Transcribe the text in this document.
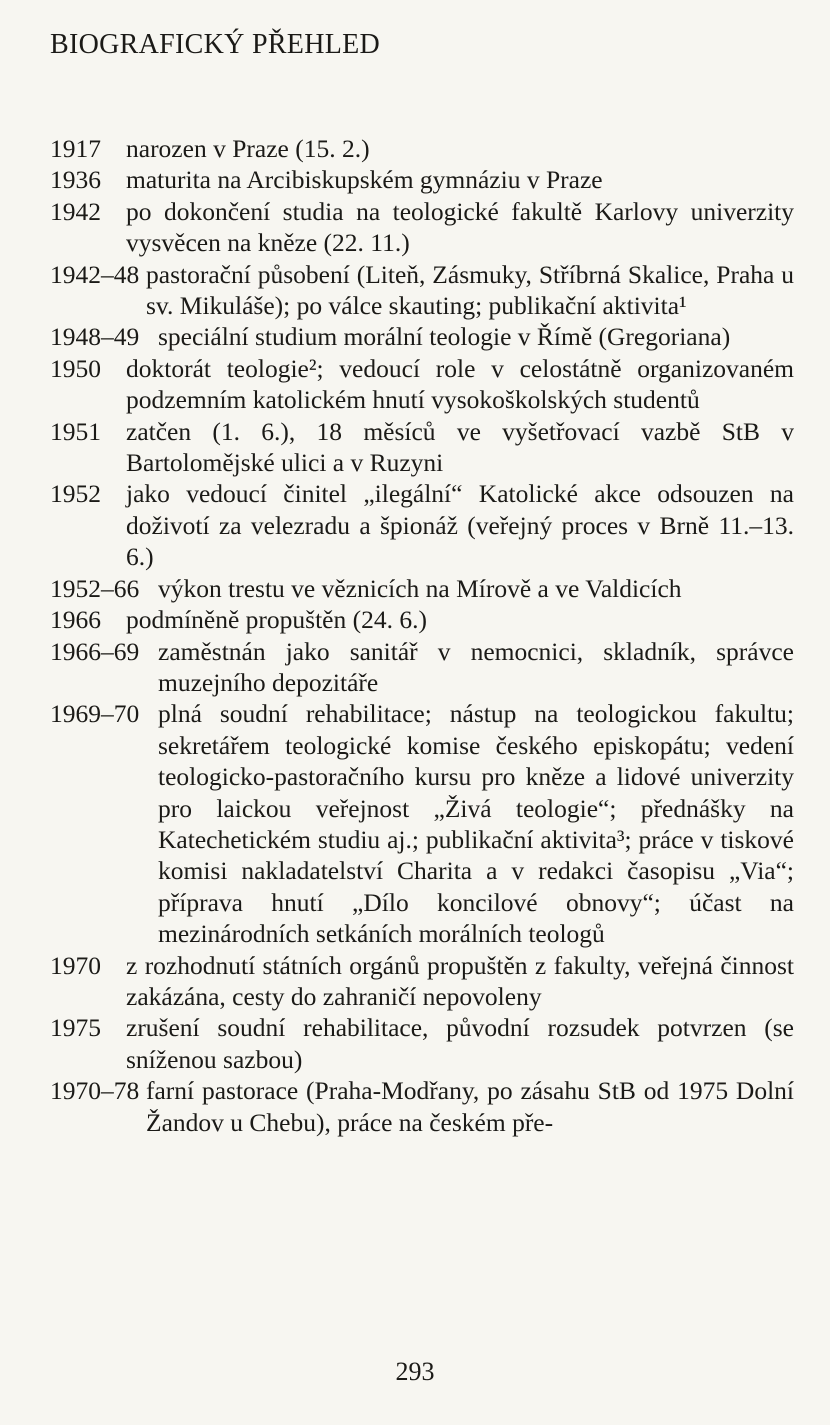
BIOGRAFICKÝ PŘEHLED
1917 narozen v Praze (15. 2.)
1936 maturita na Arcibiskupském gymnáziu v Praze
1942 po dokončení studia na teologické fakultě Karlovy univerzity vysvěcen na kněze (22. 11.)
1942–48 pastorační působení (Liteň, Zásmuky, Stříbrná Skalice, Praha u sv. Mikuláše); po válce skauting; publikační aktivita¹
1948–49 speciální studium morální teologie v Římě (Gregoriana)
1950 doktorát teologie²; vedoucí role v celostátně organizovaném podzemním katolickém hnutí vysokoškolských studentů
1951 zatčen (1. 6.), 18 měsíců ve vyšetřovací vazbě StB v Bartolomějské ulici a v Ruzyni
1952 jako vedoucí činitel „ilegální“ Katolické akce odsouzen na doživotí za velezradu a špionáž (veřejný proces v Brně 11.–13. 6.)
1952–66 výkon trestu ve věznicích na Mírově a ve Valdicích
1966 podmíněně propuštěn (24. 6.)
1966–69 zaměstnán jako sanitář v nemocnici, skladník, správce muzejního depozitáře
1969–70 plná soudní rehabilitace; nástup na teologickou fakultu; sekretářem teologické komise českého episkopátu; vedení teologicko-pastoračního kursu pro kněze a lidové univerzity pro laickou veřejnost „Živá teologie“; přednášky na Katechetickém studiu aj.; publikační aktivita³; práce v tiskové komisi nakladatelství Charita a v redakci časopisu „Via“; příprava hnutí „Dílo koncilové obnovy“; účast na mezinárodních setkáních morálních teologů
1970 z rozhodnutí státních orgánů propuštěn z fakulty, veřejná činnost zakázána, cesty do zahraničí nepovoleny
1975 zrušení soudní rehabilitace, původní rozsudek potvrzen (se sníženou sazbou)
1970–78 farní pastorace (Praha-Modřany, po zásahu StB od 1975 Dolní Žandov u Chebu), práce na českém pře-
293
